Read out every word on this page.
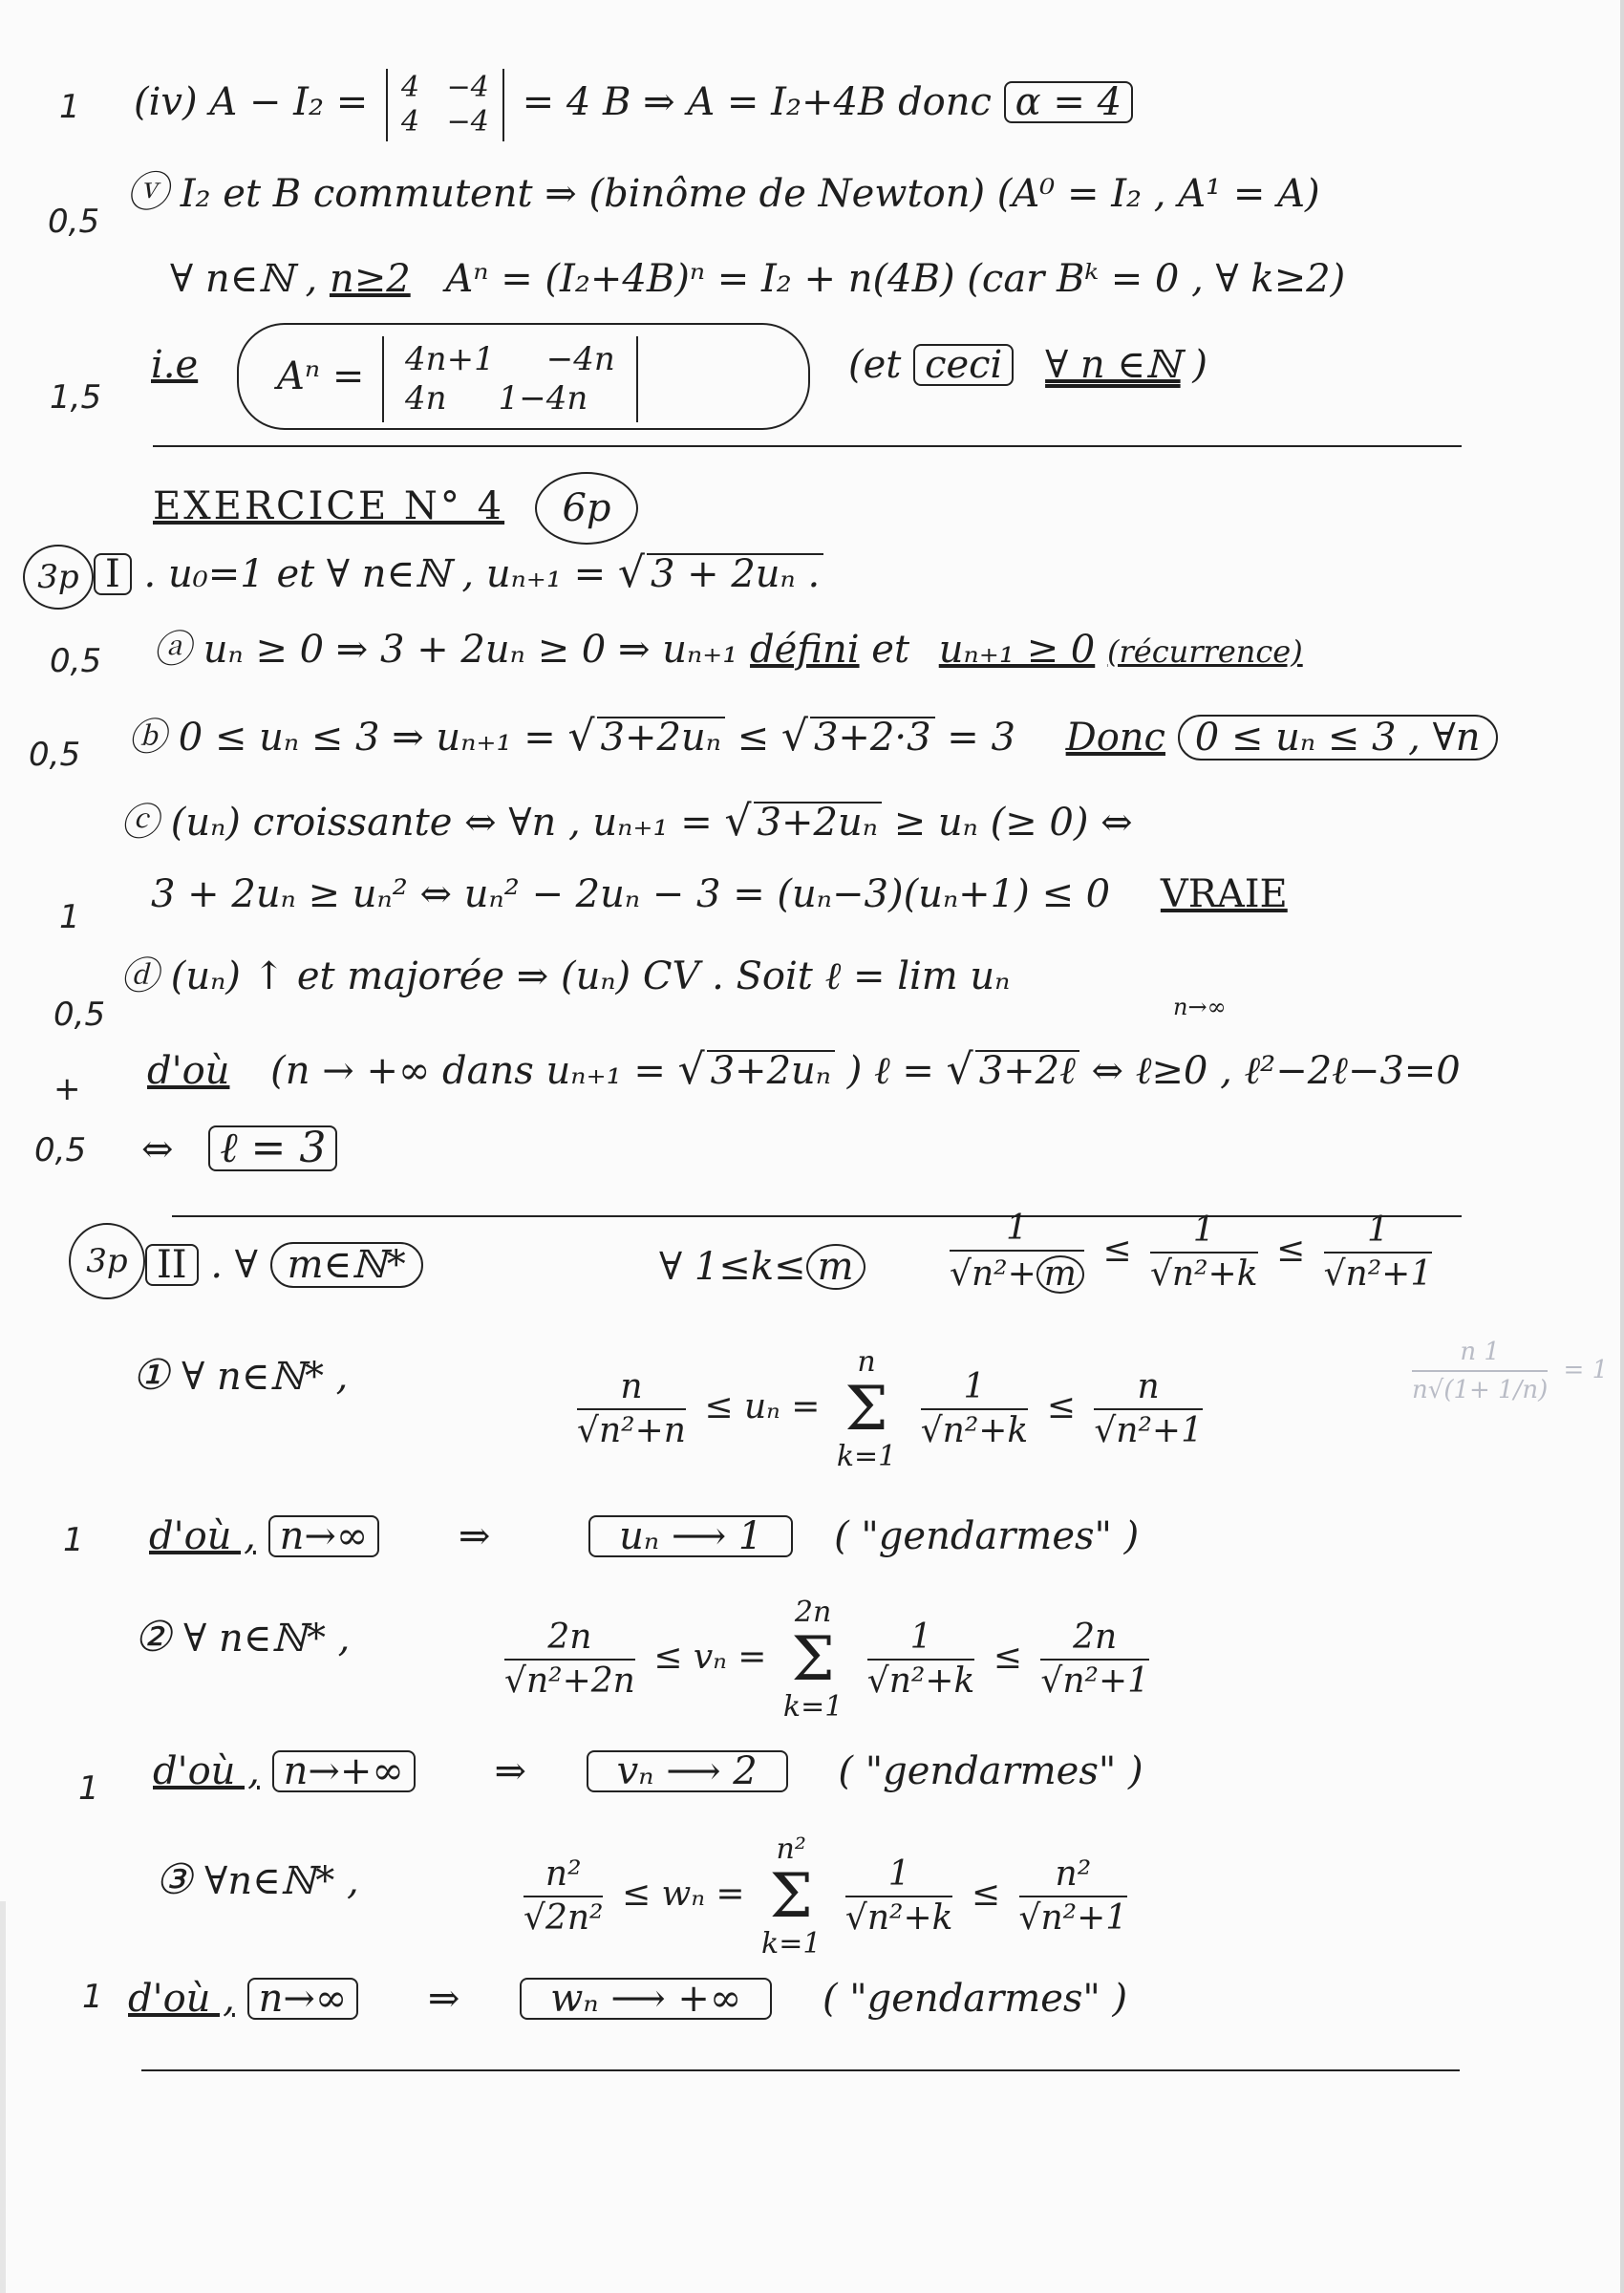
1 (iv) A − I₂ = 4   −4
4   −4 = 4 B ⇒ A = I₂+4B donc α = 4
0,5
ⓥ I₂ et B commutent ⇒ (binôme de Newton) (A⁰ = I₂ , A¹ = A)
∀ n∈ℕ , n≥2 Aⁿ = (I₂+4B)ⁿ = I₂ + n(4B) (car Bᵏ = 0 , ∀ k≥2)
1,5
i.e Aⁿ = 4n+1     −4n
4n     1−4n
(et ceci ∀ n ∈ℕ )
EXERCICE N° 4	6p
3p I . u₀=1 et ∀ n∈ℕ , uₙ₊₁ = √ 3 + 2uₙ .
0,5 ⓐ uₙ ≥ 0 ⇒ 3 + 2uₙ ≥ 0 ⇒ uₙ₊₁ défini et uₙ₊₁ ≥ 0 (récurrence)
0,5 ⓑ 0 ≤ uₙ ≤ 3 ⇒ uₙ₊₁ = √ 3+2uₙ ≤ √ 3+2·3 = 3 Donc 0 ≤ uₙ ≤ 3 , ∀n
ⓒ (uₙ) croissante ⇔ ∀n , uₙ₊₁ = √ 3+2uₙ ≥ uₙ (≥ 0) ⇔
1
3 + 2uₙ ≥ uₙ² ⇔ uₙ² − 2uₙ − 3 = (uₙ−3)(uₙ+1) ≤ 0 VRAIE
ⓓ (uₙ) ↑ et majorée ⇒ (uₙ) CV . Soit ℓ = lim uₙ
n→∞
0,5
+ d'où (n → +∞ dans uₙ₊₁ = √ 3+2uₙ ) ℓ = √ 3+2ℓ ⇔ ℓ≥0 , ℓ²−2ℓ−3=0
0,5 ⇔ ℓ = 3
3p II . ∀ m∈ℕ*	∀ 1≤k≤ m	$\frac{1}{\text{√n²+ m}} \le \frac{1}{\text{√n²+k}} \le \frac{1}{\text{√n²+1}}$
$\frac{n 1}{n√(1+ 1/n)} = 1$
① ∀ n∈ℕ* ,	$\frac{n}{\text{√n²+n}} \le u_n = n$
Σ
k=1
$\frac{1}{\text{√n²+k}} \le \frac{n}{\text{√n²+1}}$
1 d'où , n→∞ ⇒	uₙ ⟶ 1 ( "gendarmes" )
② ∀ n∈ℕ* ,	$\frac{2n}{\text{√n²+2n}} \le v_n = 2n$
Σ
k=1
$\frac{1}{\text{√n²+k}} \le \frac{2n}{\text{√n²+1}}$
1 d'où , n→+∞ ⇒ vₙ ⟶ 2 ( "gendarmes" )
③ ∀n∈ℕ* ,	$\frac{\text{n²}}{\text{√2n²}} \le w_n = n^2$
Σ
k=1
$\frac{1}{\text{√n²+k}} \le \frac{\text{n²}}{\text{√n²+1}}$
1 d'où , n→∞ ⇒ wₙ ⟶ +∞ ( "gendarmes" )
